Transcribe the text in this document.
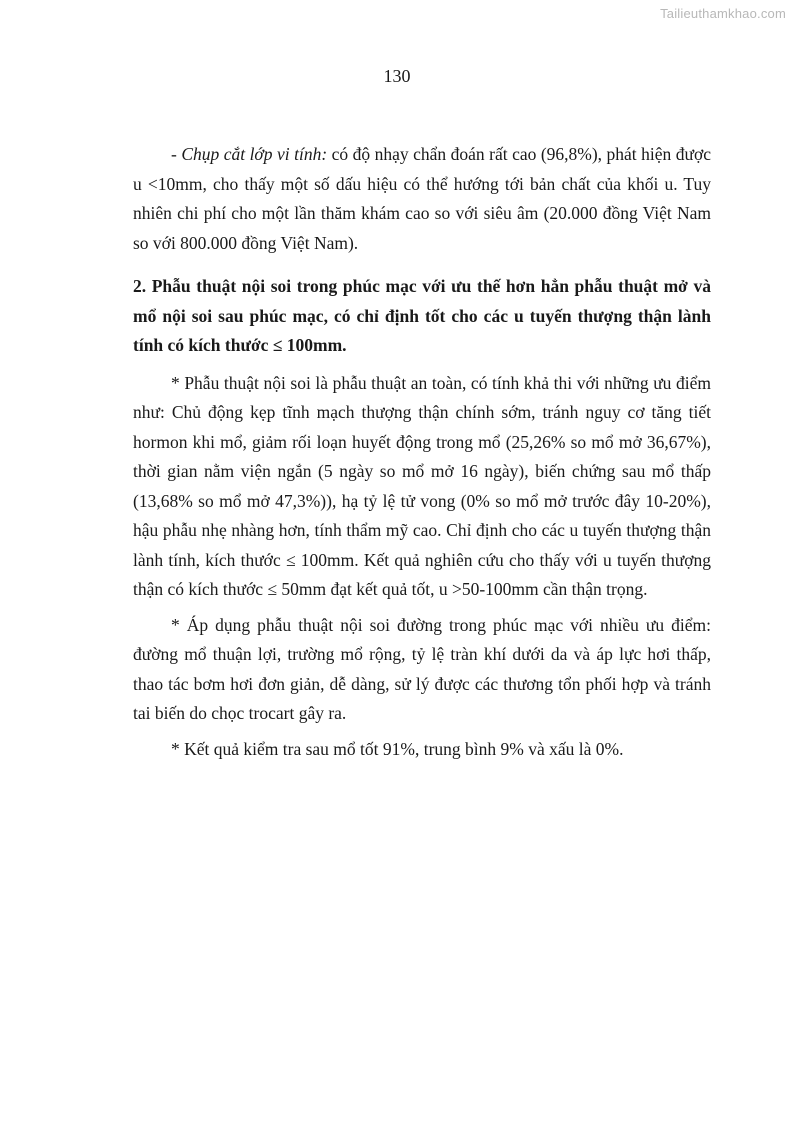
Tailieuthamkhao.com
130

- Chụp cắt lớp vi tính: có độ nhạy chẩn đoán rất cao (96,8%), phát hiện được u <10mm, cho thấy một số dấu hiệu có thể hướng tới bản chất của khối u. Tuy nhiên chi phí cho một lần thăm khám cao so với siêu âm (20.000 đồng Việt Nam so với 800.000 đồng Việt Nam).

2. Phẫu thuật nội soi trong phúc mạc với ưu thế hơn hẳn phẫu thuật mở và mổ nội soi sau phúc mạc, có chỉ định tốt cho các u tuyến thượng thận lành tính có kích thước ≤ 100mm.

* Phẫu thuật nội soi là phẫu thuật an toàn, có tính khả thi với những ưu điểm như: Chủ động kẹp tĩnh mạch thượng thận chính sớm, tránh nguy cơ tăng tiết hormon khi mổ, giảm rối loạn huyết động trong mổ (25,26% so mổ mở 36,67%), thời gian nằm viện ngắn (5 ngày so mổ mở 16 ngày), biến chứng sau mổ thấp (13,68% so mổ mở 47,3%)), hạ tỷ lệ tử vong (0% so mổ mở trước đây 10-20%), hậu phẫu nhẹ nhàng hơn, tính thẩm mỹ cao. Chỉ định cho các u tuyến thượng thận lành tính, kích thước ≤ 100mm. Kết quả nghiên cứu cho thấy với u tuyến thượng thận có kích thước ≤ 50mm đạt kết quả tốt, u >50-100mm cần thận trọng.

* Áp dụng phẫu thuật nội soi đường trong phúc mạc với nhiều ưu điểm: đường mổ thuận lợi, trường mổ rộng, tỷ lệ tràn khí dưới da và áp lực hơi thấp, thao tác bơm hơi đơn giản, dễ dàng, sử lý được các thương tổn phối hợp và tránh tai biến do chọc trocart gây ra.

* Kết quả kiểm tra sau mổ tốt 91%, trung bình 9% và xấu là 0%.
